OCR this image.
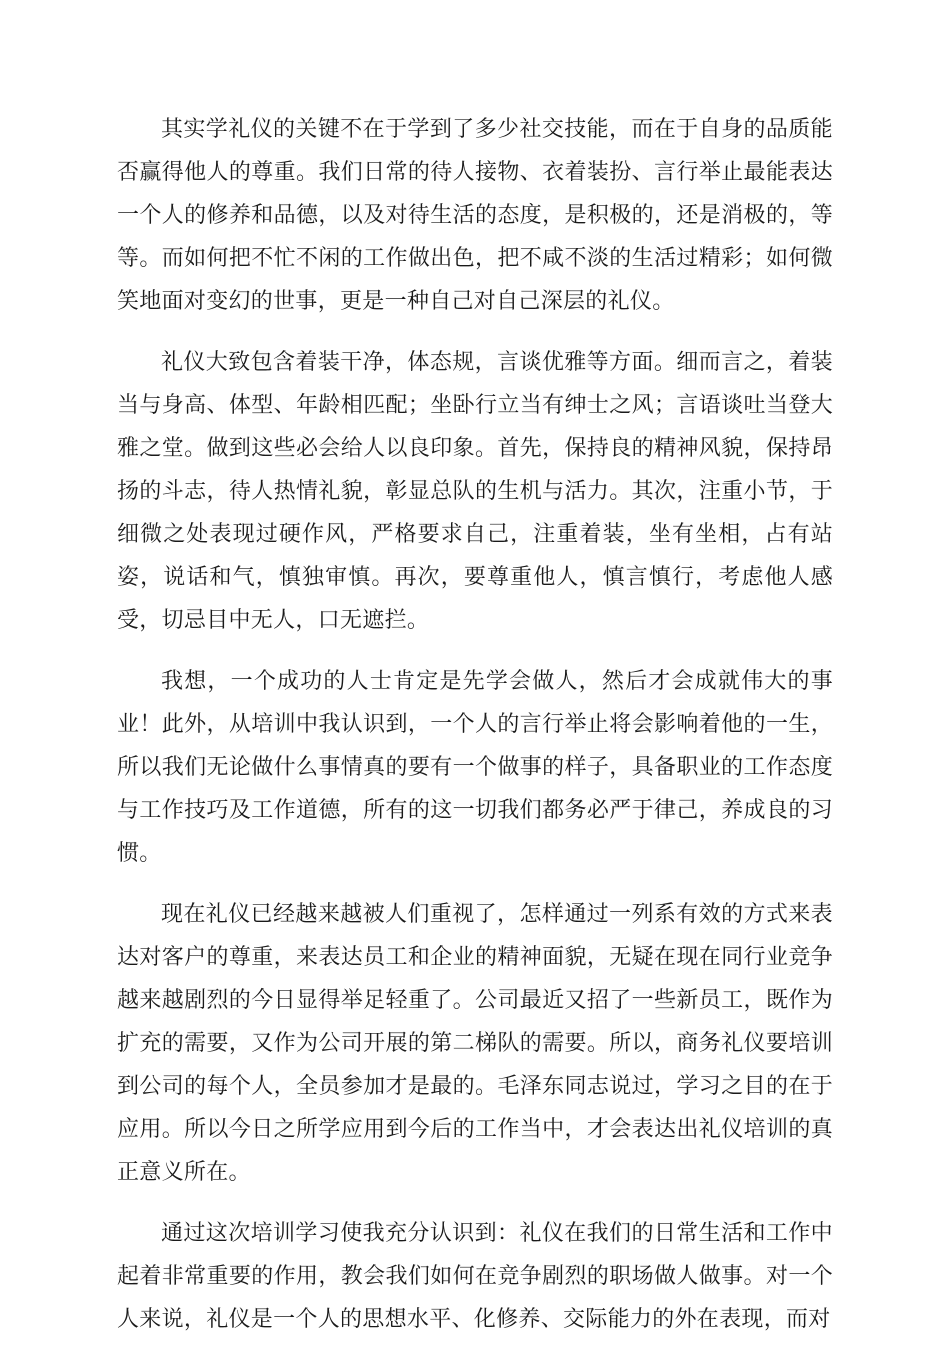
其实学礼仪的关键不在于学到了多少社交技能，而在于自身的品质能否赢得他人的尊重。我们日常的待人接物、衣着装扮、言行举止最能表达一个人的修养和品德，以及对待生活的态度，是积极的，还是消极的，等等。而如何把不忙不闲的工作做出色，把不咸不淡的生活过精彩；如何微笑地面对变幻的世事，更是一种自己对自己深层的礼仪。

礼仪大致包含着装干净，体态规，言谈优雅等方面。细而言之，着装当与身高、体型、年龄相匹配；坐卧行立当有绅士之风；言语谈吐当登大雅之堂。做到这些必会给人以良印象。首先，保持良的精神风貌，保持昂扬的斗志，待人热情礼貌，彰显总队的生机与活力。其次，注重小节，于细微之处表现过硬作风，严格要求自己，注重着装，坐有坐相，占有站姿，说话和气，慎独审慎。再次，要尊重他人，慎言慎行，考虑他人感受，切忌目中无人，口无遮拦。

我想，一个成功的人士肯定是先学会做人，然后才会成就伟大的事业！此外，从培训中我认识到，一个人的言行举止将会影响着他的一生，所以我们无论做什么事情真的要有一个做事的样子，具备职业的工作态度与工作技巧及工作道德，所有的这一切我们都务必严于律己，养成良的习惯。

现在礼仪已经越来越被人们重视了，怎样通过一列系有效的方式来表达对客户的尊重，来表达员工和企业的精神面貌，无疑在现在同行业竞争越来越剧烈的今日显得举足轻重了。公司最近又招了一些新员工，既作为扩充的需要，又作为公司开展的第二梯队的需要。所以，商务礼仪要培训到公司的每个人，全员参加才是最的。毛泽东同志说过，学习之目的在于应用。所以今日之所学应用到今后的工作当中，才会表达出礼仪培训的真正意义所在。

通过这次培训学习使我充分认识到：礼仪在我们的日常生活和工作中起着非常重要的作用，教会我们如何在竞争剧烈的职场做人做事。对一个人来说，礼仪是一个人的思想水平、化修养、交际能力的外在表现，而对
